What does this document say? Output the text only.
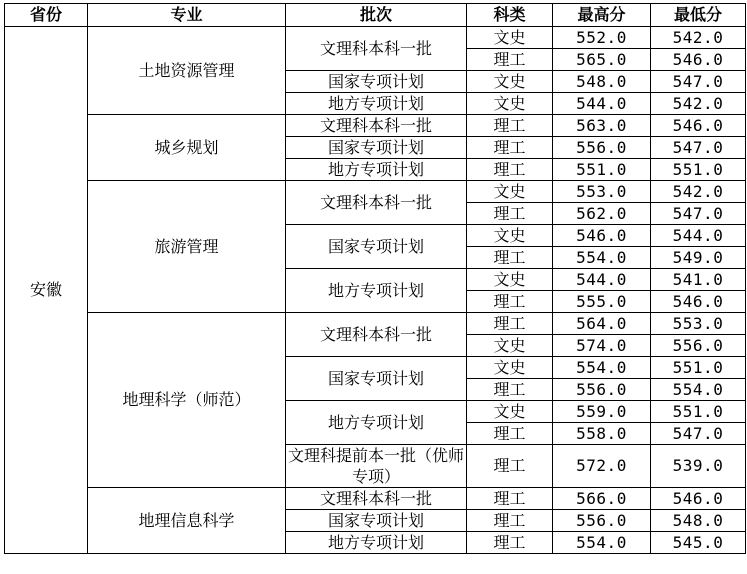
省份	专业	批次	科类	最高分	最低分
安徽	土地资源管理	文理科本科一批	文史	552.0	542.0
			理工	565.0	546.0
		国家专项计划	文史	548.0	547.0
		地方专项计划	文史	544.0	542.0
	城乡规划	文理科本科一批	理工	563.0	546.0
		国家专项计划	理工	556.0	547.0
		地方专项计划	理工	551.0	551.0
	旅游管理	文理科本科一批	文史	553.0	542.0
			理工	562.0	547.0
		国家专项计划	文史	546.0	544.0
			理工	554.0	549.0
		地方专项计划	文史	544.0	541.0
			理工	555.0	546.0
	地理科学（师范）	文理科本科一批	理工	564.0	553.0
			文史	574.0	556.0
		国家专项计划	文史	554.0	551.0
			理工	556.0	554.0
		地方专项计划	文史	559.0	551.0
			理工	558.0	547.0
		文理科提前本一批（优师专项）	理工	572.0	539.0
	地理信息科学	文理科本科一批	理工	566.0	546.0
		国家专项计划	理工	556.0	548.0
		地方专项计划	理工	554.0	545.0
